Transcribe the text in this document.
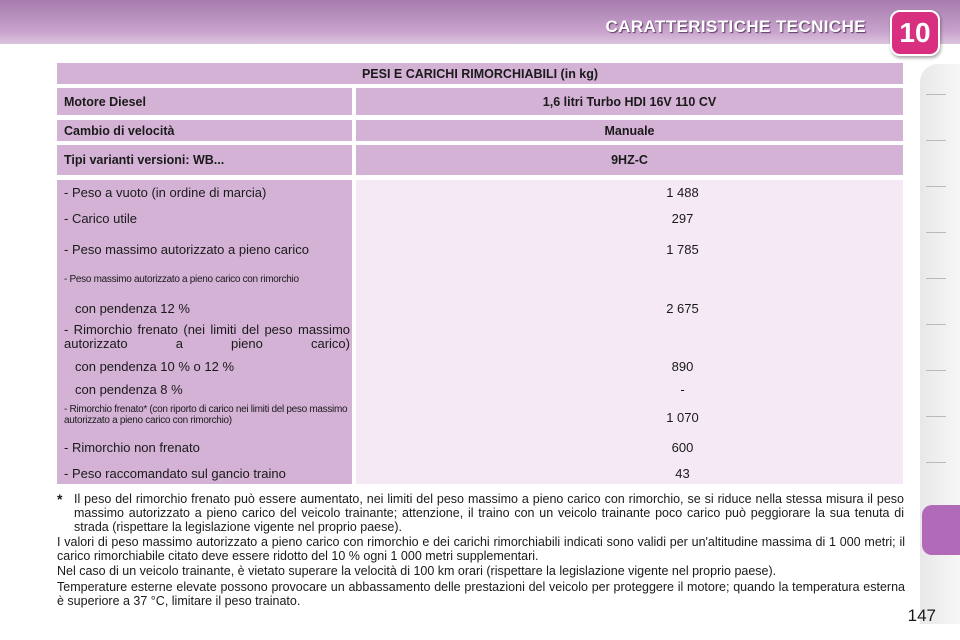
CARATTERISTICHE TECNICHE	10
PESI E CARICHI RIMORCHIABILI (in kg)
Motore Diesel	1,6 litri Turbo HDI 16V 110 CV
Cambio di velocità	Manuale
Tipi varianti versioni: WB...	9HZ-C
- Peso a vuoto (in ordine di marcia)	1 488
- Carico utile	297
- Peso massimo autorizzato a pieno carico	1 785
- Peso massimo autorizzato a pieno carico con rimorchio
con pendenza 12 %	2 675
- Rimorchio frenato (nei limiti del peso massimo autorizzato a pieno carico)
con pendenza 10 % o 12 %	890
con pendenza 8 %	-
- Rimorchio frenato* (con riporto di carico nei limiti del peso massimo autorizzato a pieno carico con rimorchio)	1 070
- Rimorchio non frenato	600
- Peso raccomandato sul gancio traino	43
* Il peso del rimorchio frenato può essere aumentato, nei limiti del peso massimo a pieno carico con rimorchio, se si riduce nella stessa misura il peso massimo autorizzato a pieno carico del veicolo trainante; attenzione, il traino con un veicolo trainante poco carico può peggiorare la sua tenuta di strada (rispettare la legislazione vigente nel proprio paese).
I valori di peso massimo autorizzato a pieno carico con rimorchio e dei carichi rimorchiabili indicati sono validi per un'altitudine massima di 1 000 metri; il carico rimorchiabile citato deve essere ridotto del 10 % ogni 1 000 metri supplementari.
Nel caso di un veicolo trainante, è vietato superare la velocità di 100 km orari (rispettare la legislazione vigente nel proprio paese).
Temperature esterne elevate possono provocare un abbassamento delle prestazioni del veicolo per proteggere il motore; quando la temperatura esterna è superiore a 37 °C, limitare il peso trainato.
147
